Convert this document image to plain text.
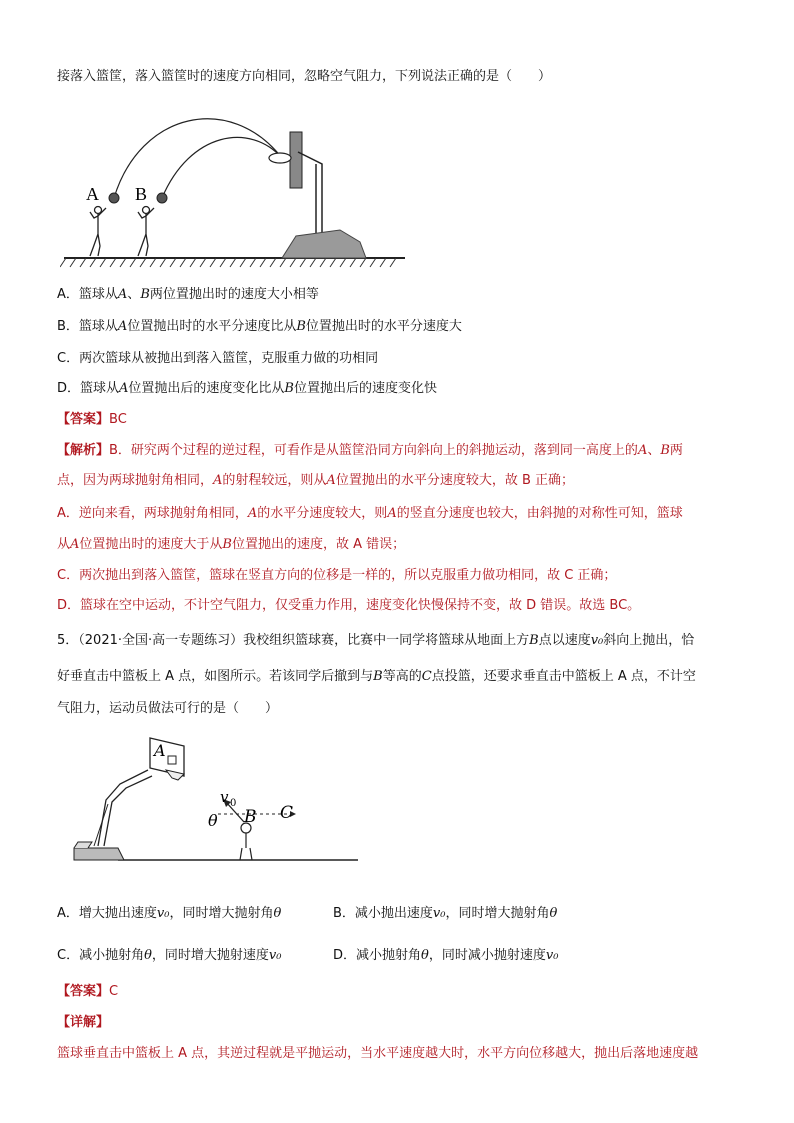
接落入篮筐，落入篮筐时的速度方向相同，忽略空气阻力，下列说法正确的是（　　）
A B
A．篮球从A、B两位置抛出时的速度大小相等
B．篮球从A位置抛出时的水平分速度比从B位置抛出时的水平分速度大
C．两次篮球从被抛出到落入篮筐，克服重力做的功相同
D．篮球从A位置抛出后的速度变化比从B位置抛出后的速度变化快
【答案】BC
【解析】B．研究两个过程的逆过程，可看作是从篮筐沿同方向斜向上的斜抛运动，落到同一高度上的A、B两
点，因为两球抛射角相同，A的射程较远，则从A位置抛出的水平分速度较大，故 B 正确；
A．逆向来看，两球抛射角相同，A的水平分速度较大，则A的竖直分速度也较大，由斜抛的对称性可知，篮球
从A位置抛出时的速度大于从B位置抛出的速度，故 A 错误；
C．两次抛出到落入篮筐，篮球在竖直方向的位移是一样的，所以克服重力做功相同，故 C 正确；
D．篮球在空中运动，不计空气阻力，仅受重力作用，速度变化快慢保持不变，故 D 错误。故选 BC。
5．（2021·全国·高一专题练习）我校组织篮球赛，比赛中一同学将篮球从地面上方B点以速度v₀斜向上抛出，恰
好垂直击中篮板上 A 点，如图所示。若该同学后撤到与B等高的C点投篮，还要求垂直击中篮板上 A 点，不计空
气阻力，运动员做法可行的是（　　）
A
v 0
θ B C
A．增大抛出速度v₀，同时增大抛射角θ	B．减小抛出速度v₀，同时增大抛射角θ
C．减小抛射角θ，同时增大抛射速度v₀	D．减小抛射角θ，同时减小抛射速度v₀
【答案】C
【详解】
篮球垂直击中篮板上 A 点，其逆过程就是平抛运动，当水平速度越大时，水平方向位移越大，抛出后落地速度越
